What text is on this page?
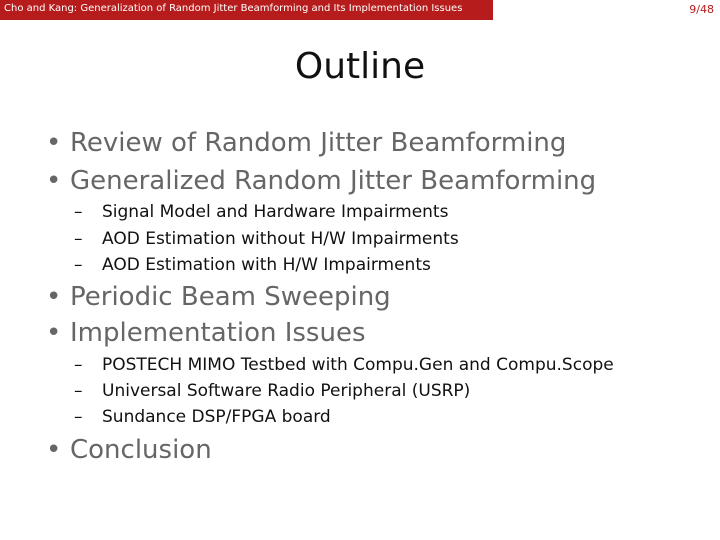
Cho and Kang: Generalization of Random Jitter Beamforming and Its Implementation Issues	9/48
Outline
• Review of Random Jitter Beamforming
• Generalized Random Jitter Beamforming
– Signal Model and Hardware Impairments
– AOD Estimation without H/W Impairments
– AOD Estimation with H/W Impairments
• Periodic Beam Sweeping
• Implementation Issues
– POSTECH MIMO Testbed with Compu.Gen and Compu.Scope
– Universal Software Radio Peripheral (USRP)
– Sundance DSP/FPGA board
• Conclusion
